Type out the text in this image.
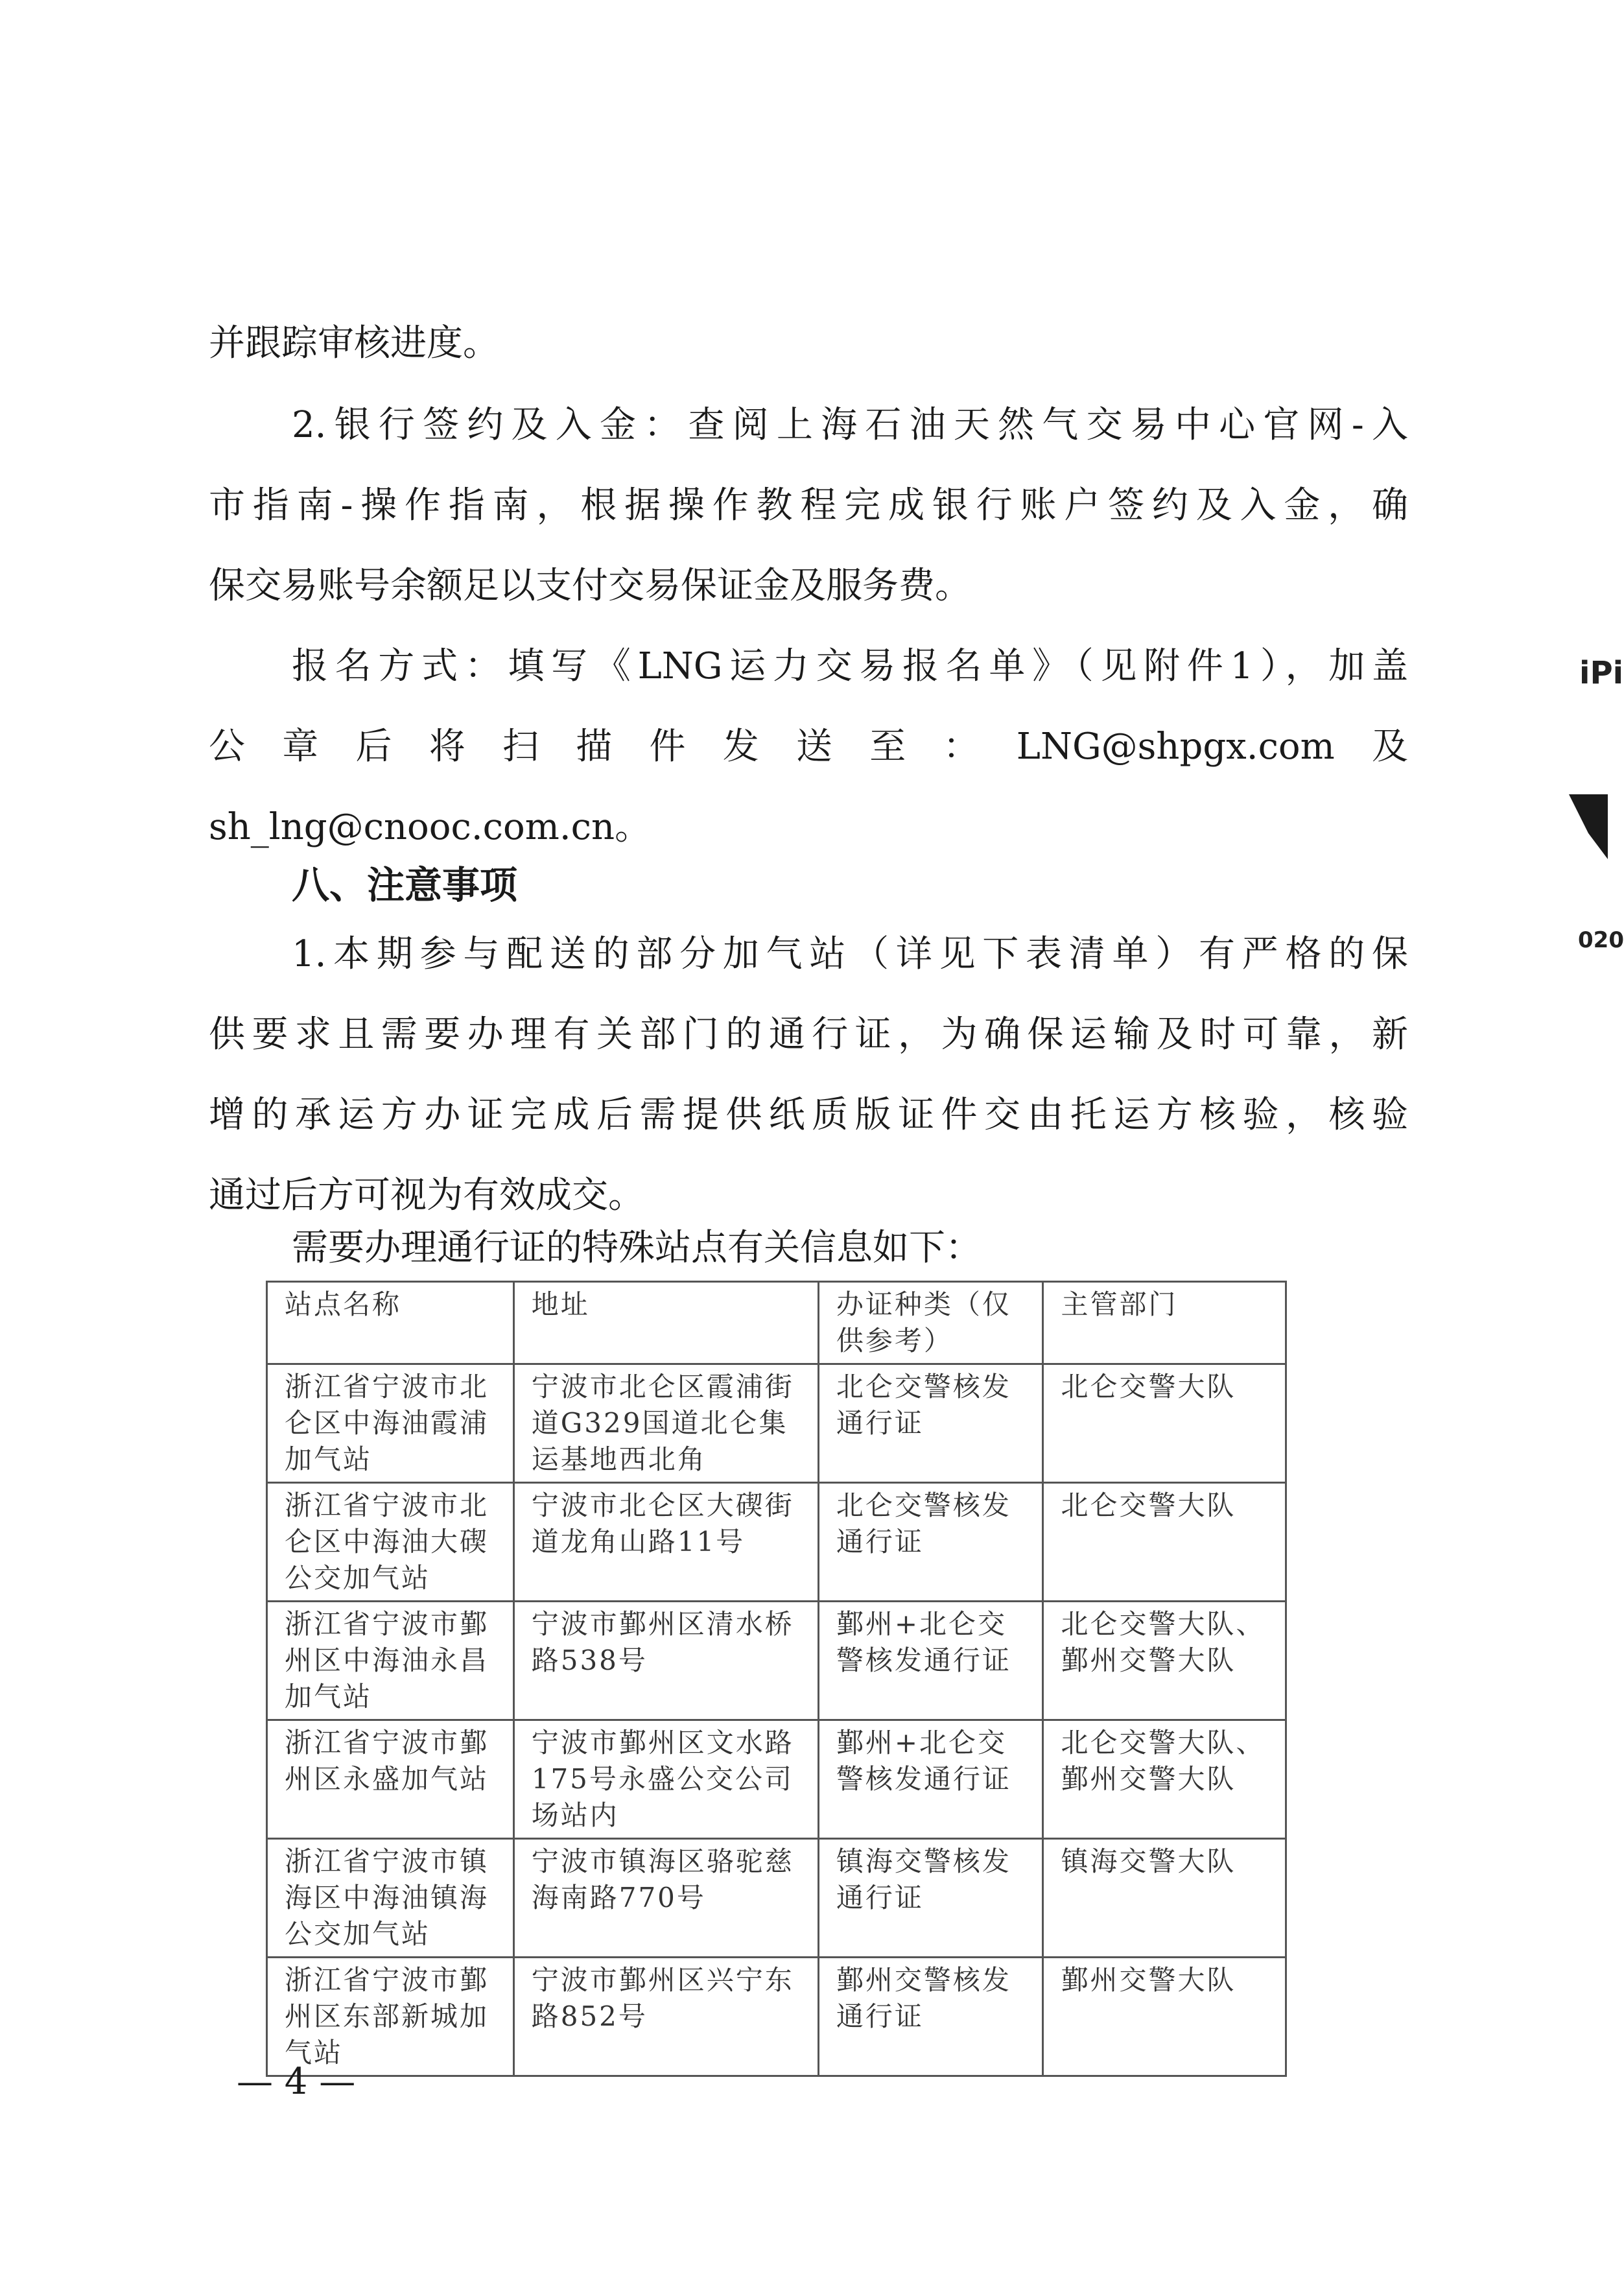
并跟踪审核进度。

2.银行签约及入金：查阅上海石油天然气交易中心官网-入

市指南-操作指南，根据操作教程完成银行账户签约及入金，确

保交易账号余额足以支付交易保证金及服务费。

报名方式：填写《LNG运力交易报名单》（见附件1），加盖

公章后将扫描件发送至：LNG@shpgx.com及

sh_lng@cnooc.com.cn。

八、注意事项

1.本期参与配送的部分加气站（详见下表清单）有严格的保

供要求且需要办理有关部门的通行证，为确保运输及时可靠，新

增的承运方办证完成后需提供纸质版证件交由托运方核验，核验

通过后方可视为有效成交。

需要办理通行证的特殊站点有关信息如下：

站点名称	地址	办证种类（仅供参考）	主管部门
浙江省宁波市北仑区中海油霞浦加气站	宁波市北仑区霞浦街道G329国道北仑集运基地西北角	北仑交警核发通行证	北仑交警大队
浙江省宁波市北仑区中海油大碶公交加气站	宁波市北仑区大碶街道龙角山路11号	北仑交警核发通行证	北仑交警大队
浙江省宁波市鄞州区中海油永昌加气站	宁波市鄞州区清水桥路538号	鄞州+北仑交警核发通行证	北仑交警大队、鄞州交警大队
浙江省宁波市鄞州区永盛加气站	宁波市鄞州区文水路175号永盛公交公司场站内	鄞州+北仑交警核发通行证	北仑交警大队、鄞州交警大队
浙江省宁波市镇海区中海油镇海公交加气站	宁波市镇海区骆驼慈海南路770号	镇海交警核发通行证	镇海交警大队
浙江省宁波市鄞州区东部新城加气站	宁波市鄞州区兴宁东路852号	鄞州交警核发通行证	鄞州交警大队

— 4 —

iPi
020
